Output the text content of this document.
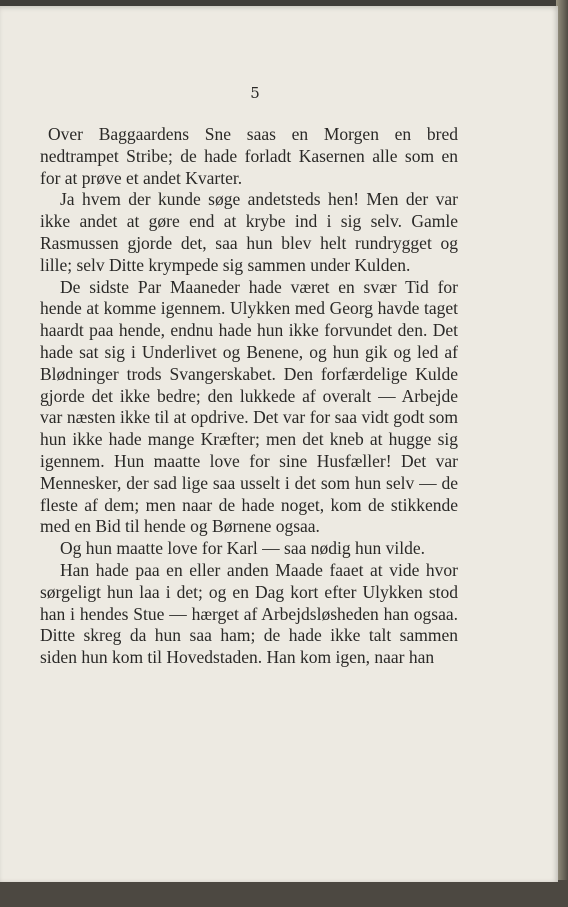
5

Over Baggaardens Sne saas en Morgen en bred nedtrampet Stribe; de hade forladt Kasernen alle som en for at prøve et andet Kvarter.

Ja hvem der kunde søge andetsteds hen! Men der var ikke andet at gøre end at krybe ind i sig selv. Gamle Rasmussen gjorde det, saa hun blev helt rundrygget og lille; selv Ditte krympede sig sammen under Kulden.

De sidste Par Maaneder hade været en svær Tid for hende at komme igennem. Ulykken med Georg havde taget haardt paa hende, endnu hade hun ikke forvundet den. Det hade sat sig i Underlivet og Benene, og hun gik og led af Blødninger trods Svangerskabet. Den forfærdelige Kulde gjorde det ikke bedre; den lukkede af overalt — Arbejde var næsten ikke til at opdrive. Det var for saa vidt godt som hun ikke hade mange Kræfter; men det kneb at hugge sig igennem. Hun maatte love for sine Husfæller! Det var Mennesker, der sad lige saa usselt i det som hun selv — de fleste af dem; men naar de hade noget, kom de stikkende med en Bid til hende og Børnene ogsaa.

Og hun maatte love for Karl — saa nødig hun vilde.

Han hade paa en eller anden Maade faaet at vide hvor sørgeligt hun laa i det; og en Dag kort efter Ulykken stod han i hendes Stue — hærget af Arbejdsløsheden han ogsaa. Ditte skreg da hun saa ham; de hade ikke talt sammen siden hun kom til Hovedstaden. Han kom igen, naar han
